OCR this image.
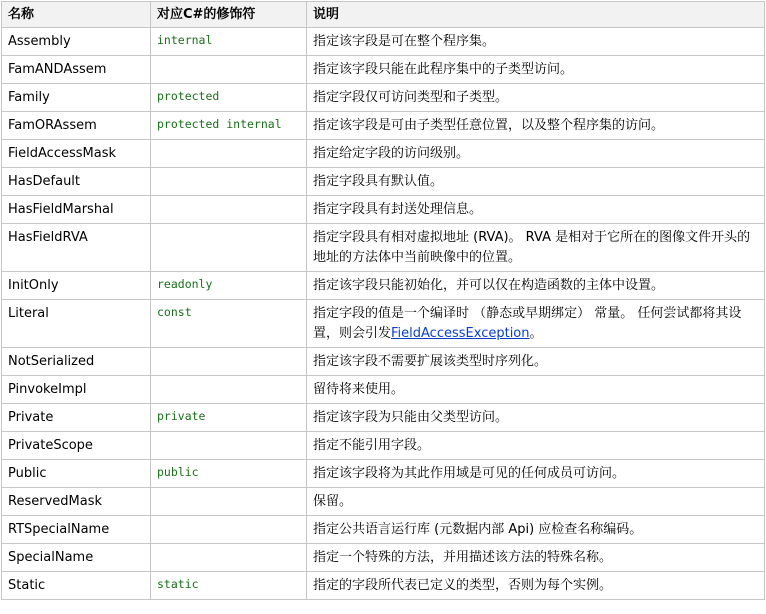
名称	对应C#的修饰符	说明
Assembly	internal	指定该字段是可在整个程序集。
FamANDAssem		指定该字段只能在此程序集中的子类型访问。
Family	protected	指定字段仅可访问类型和子类型。
FamORAssem	protected internal	指定该字段是可由子类型任意位置，以及整个程序集的访问。
FieldAccessMask		指定给定字段的访问级别。
HasDefault		指定字段具有默认值。
HasFieldMarshal		指定字段具有封送处理信息。
HasFieldRVA		指定字段具有相对虚拟地址 (RVA)。 RVA 是相对于它所在的图像文件开头的地址的方法体中当前映像中的位置。
InitOnly	readonly	指定该字段只能初始化，并可以仅在构造函数的主体中设置。
Literal	const	指定字段的值是一个编译时 （静态或早期绑定） 常量。 任何尝试都将其设置，则会引发FieldAccessException。
NotSerialized		指定该字段不需要扩展该类型时序列化。
PinvokeImpl		留待将来使用。
Private	private	指定该字段为只能由父类型访问。
PrivateScope		指定不能引用字段。
Public	public	指定该字段将为其此作用域是可见的任何成员可访问。
ReservedMask		保留。
RTSpecialName		指定公共语言运行库 (元数据内部 Api) 应检查名称编码。
SpecialName		指定一个特殊的方法，并用描述该方法的特殊名称。
Static	static	指定的字段所代表已定义的类型，否则为每个实例。
